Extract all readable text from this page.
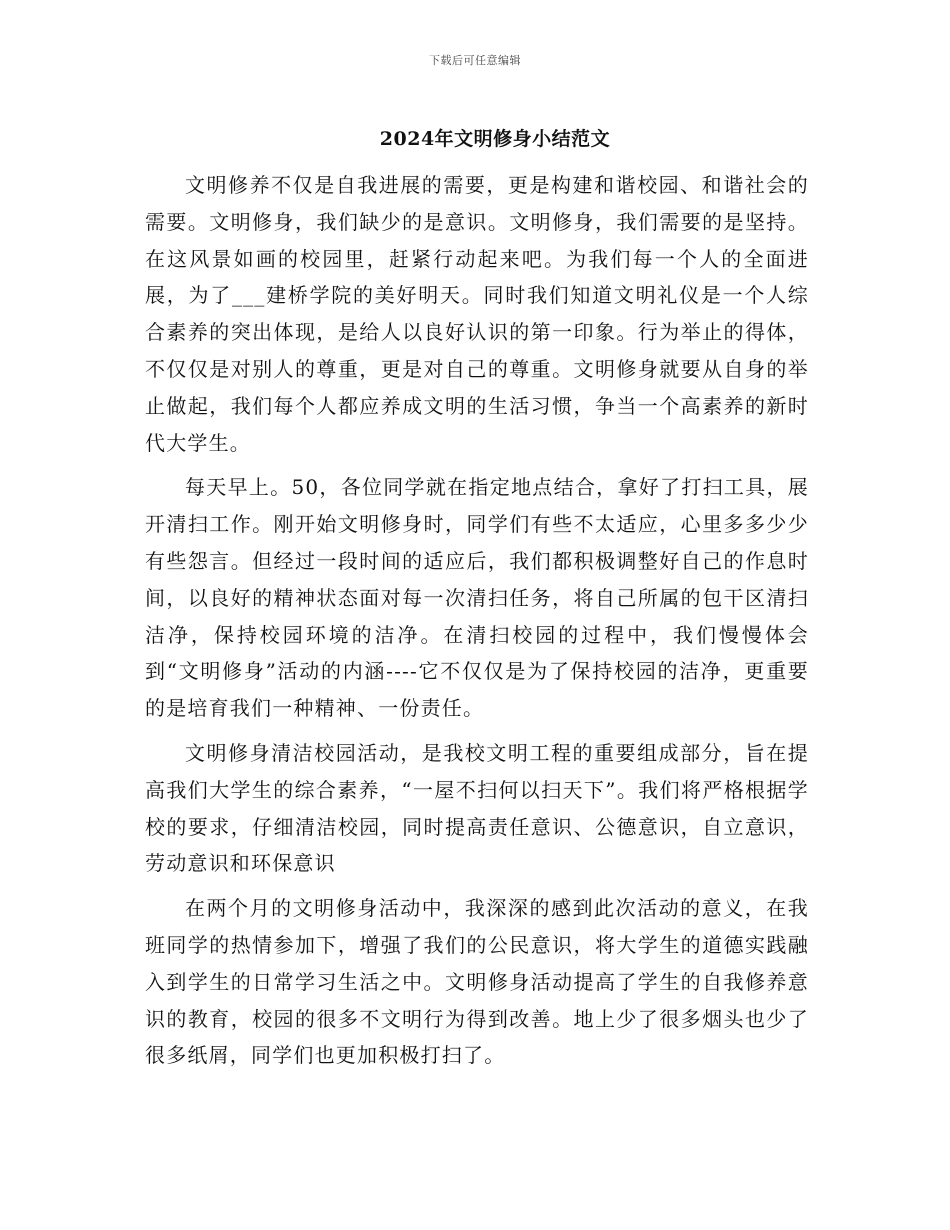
下载后可任意编辑
2024年文明修身小结范文

文明修养不仅是自我进展的需要，更是构建和谐校园、和谐社会的需要。文明修身，我们缺少的是意识。文明修身，我们需要的是坚持。在这风景如画的校园里，赶紧行动起来吧。为我们每一个人的全面进展，为了___建桥学院的美好明天。同时我们知道文明礼仪是一个人综合素养的突出体现，是给人以良好认识的第一印象。行为举止的得体，不仅仅是对别人的尊重，更是对自己的尊重。文明修身就要从自身的举止做起，我们每个人都应养成文明的生活习惯，争当一个高素养的新时代大学生。

每天早上。50，各位同学就在指定地点结合，拿好了打扫工具，展开清扫工作。刚开始文明修身时，同学们有些不太适应，心里多多少少有些怨言。但经过一段时间的适应后，我们都积极调整好自己的作息时间，以良好的精神状态面对每一次清扫任务，将自己所属的包干区清扫洁净，保持校园环境的洁净。在清扫校园的过程中，我们慢慢体会到“文明修身”活动的内涵----它不仅仅是为了保持校园的洁净，更重要的是培育我们一种精神、一份责任。

文明修身清洁校园活动，是我校文明工程的重要组成部分，旨在提高我们大学生的综合素养，“一屋不扫何以扫天下”。我们将严格根据学校的要求，仔细清洁校园，同时提高责任意识、公德意识，自立意识，劳动意识和环保意识

在两个月的文明修身活动中，我深深的感到此次活动的意义，在我班同学的热情参加下，增强了我们的公民意识，将大学生的道德实践融入到学生的日常学习生活之中。文明修身活动提高了学生的自我修养意识的教育，校园的很多不文明行为得到改善。地上少了很多烟头也少了很多纸屑，同学们也更加积极打扫了。
